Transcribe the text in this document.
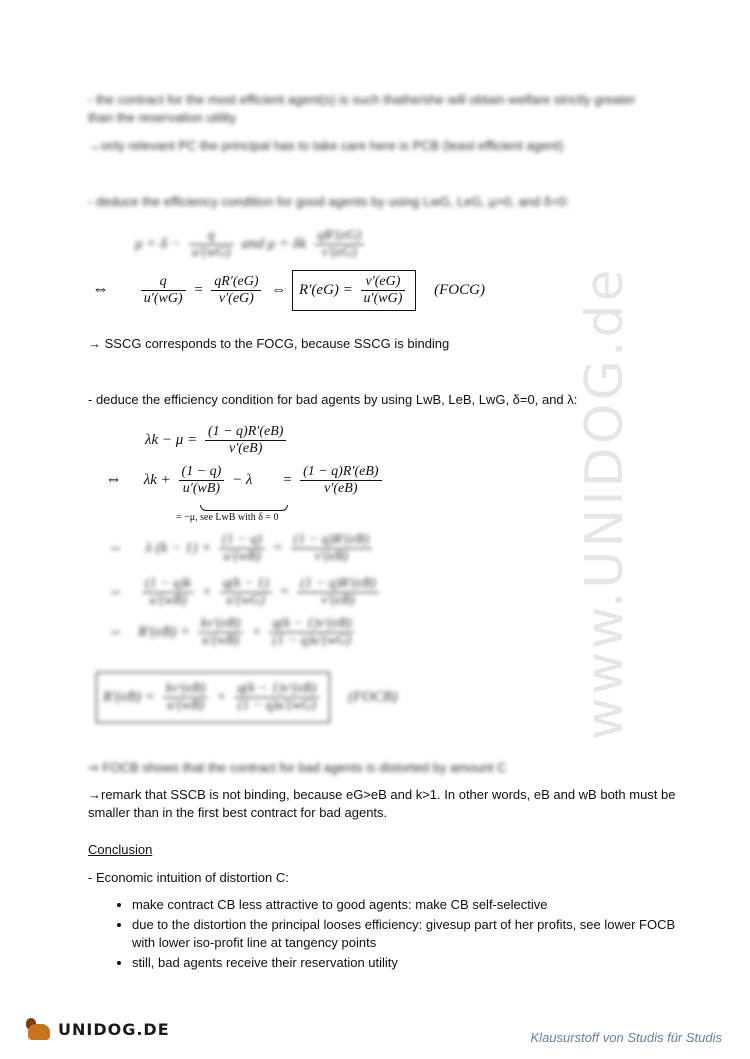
www.UNIDOG.de
- the contract for the most efficient agent(s) is such thathe/she will obtain welfare strictly greater
than the reservation utility
→only relevant PC the principal has to take care here is PCB (least efficient agent)
- deduce the efficiency condition for good agents by using LwG, LeG, μ>0, and δ=0:
$\mu = \delta - \frac{q}{u'(wG)}$ and μ = δk $\frac{qR'(eG)}{v'(eG)}$
⇔ $\frac{q}{u'(wG)} = \frac{qR'(eG)}{v'(eG)}$ ⇔ $R'(eG) = \frac{v'(eG)}{u'(wG)}$ (FOCG)
→ SSCG corresponds to the FOCG, because SSCG is binding
- deduce the efficiency condition for bad agents by using LwB, LeB, LwG, δ=0, and λ:
$\lambda k - \mu = \frac{(1 - q)R'(eB)}{v'(eB)}$
⇔ $\lambda k + \frac{(1 - q)}{u'(wB)} - \lambda = \frac{(1 - q)R'(eB)}{v'(eB)}$
= −μ, see LwB with δ = 0
⇔      λ $(k - 1) + \frac{(1 - q)}{u'(wB)} = \frac{(1 - q)R'(eB)}{v'(eB)}$
⇔ $\frac{(1 - q)k}{u'(wB)} + \frac{q(k - 1)}{u'(wG)} = \frac{(1 - q)R'(eB)}{v'(eB)}$
⇔    $R'(eB) = \frac{kv'(eB)}{u'(wB)} + \frac{q(k - 1)v'(eB)}{(1 - q)u'(wG)}$
$R'(eB) = \frac{kv'(eB)}{u'(wB)} + \frac{q(k - 1)v'(eB)}{(1 - q)u'(wG)}$ (FOCB)
⇒ FOCB shows that the contract for bad agents is distorted by amount C
→remark that SSCB is not binding, because eG>eB and k>1. In other words, eB and wB both must be
smaller than in the first best contract for bad agents.
Conclusion
- Economic intuition of distortion C:
• make contract CB less attractive to good agents: make CB self-selective
• due to the distortion the principal looses efficiency: givesup part of her profits, see lower FOCB with lower iso-profit line at tangency points
• still, bad agents receive their reservation utility
UNIDOG.DE	Klausurstoff von Studis für Studis
